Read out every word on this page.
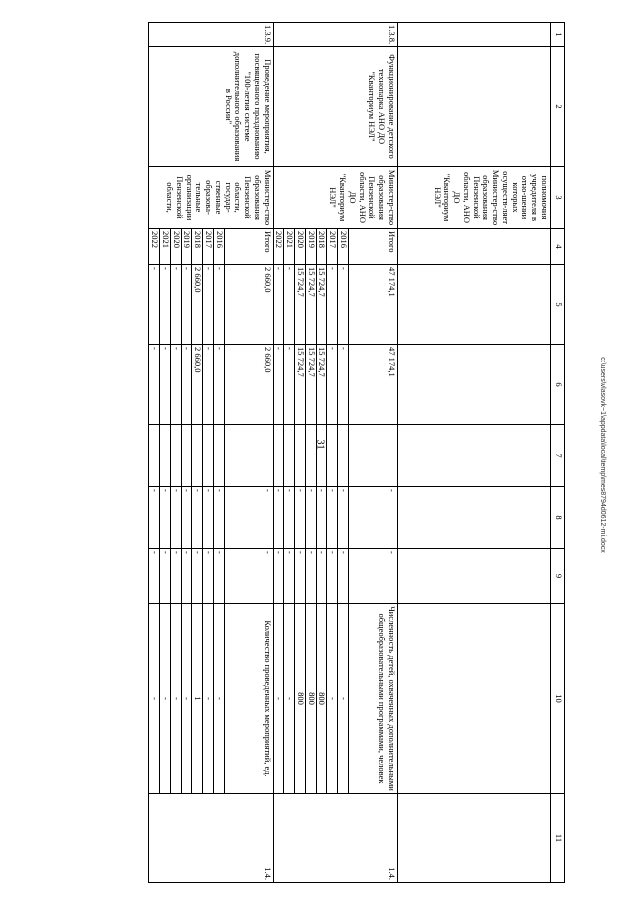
31
1	2	3	4	5	6	7	8	9	10	11
		полномочия учредителя в отно-шении которых осуществ-ляет Министер-ство образования Пензенской области, АНО ДО "Кванториум НЭЛ"								
1.3.8.	Функционирование детского технопарка АНО ДО "Кванториум НЭЛ"	Министер-ство образования Пензенской области, АНО ДО "Кванториум НЭЛ"	Итого	47 174,1	47 174,1		-	-	Численность детей, охваченных дополнительными общеобразовательными программами, человек	1.4.
			2016	-	-		-	-	-	
			2017	-	-		-	-	-	
			2018	15 724,7	15 724,7		-	-	800	
			2019	15 724,7	15 724,7		-	-	800	
			2020	15 724,7	15 724,7		-	-	800	
			2021	-	-		-	-	-	
			2022	-	-		-	-	-	
1.3.9.	Проведение мероприятия, посвященного празднованию "100-летия системе дополнительного образования в России"	Министер-ство образования Пензенской области, государ-ственные образова-тельные организации Пензенской области,	Итого	2 660,0	2 660,0		-	-	Количество проведенных мероприятий, ед.	1.4.
			2016	-	-		-	-	-	
			2017	-	-		-	-	-	
			2018	2 660,0	2 660,0		-	-	1	
			2019	-	-		-	-	-	
			2020	-	-		-	-	-	
			2021	-	-		-	-	-	
			2022	-	-		-	-	-	
c:\users\vlasovk~1\appdata\local\temp\mes8794d0612-mi.docx
